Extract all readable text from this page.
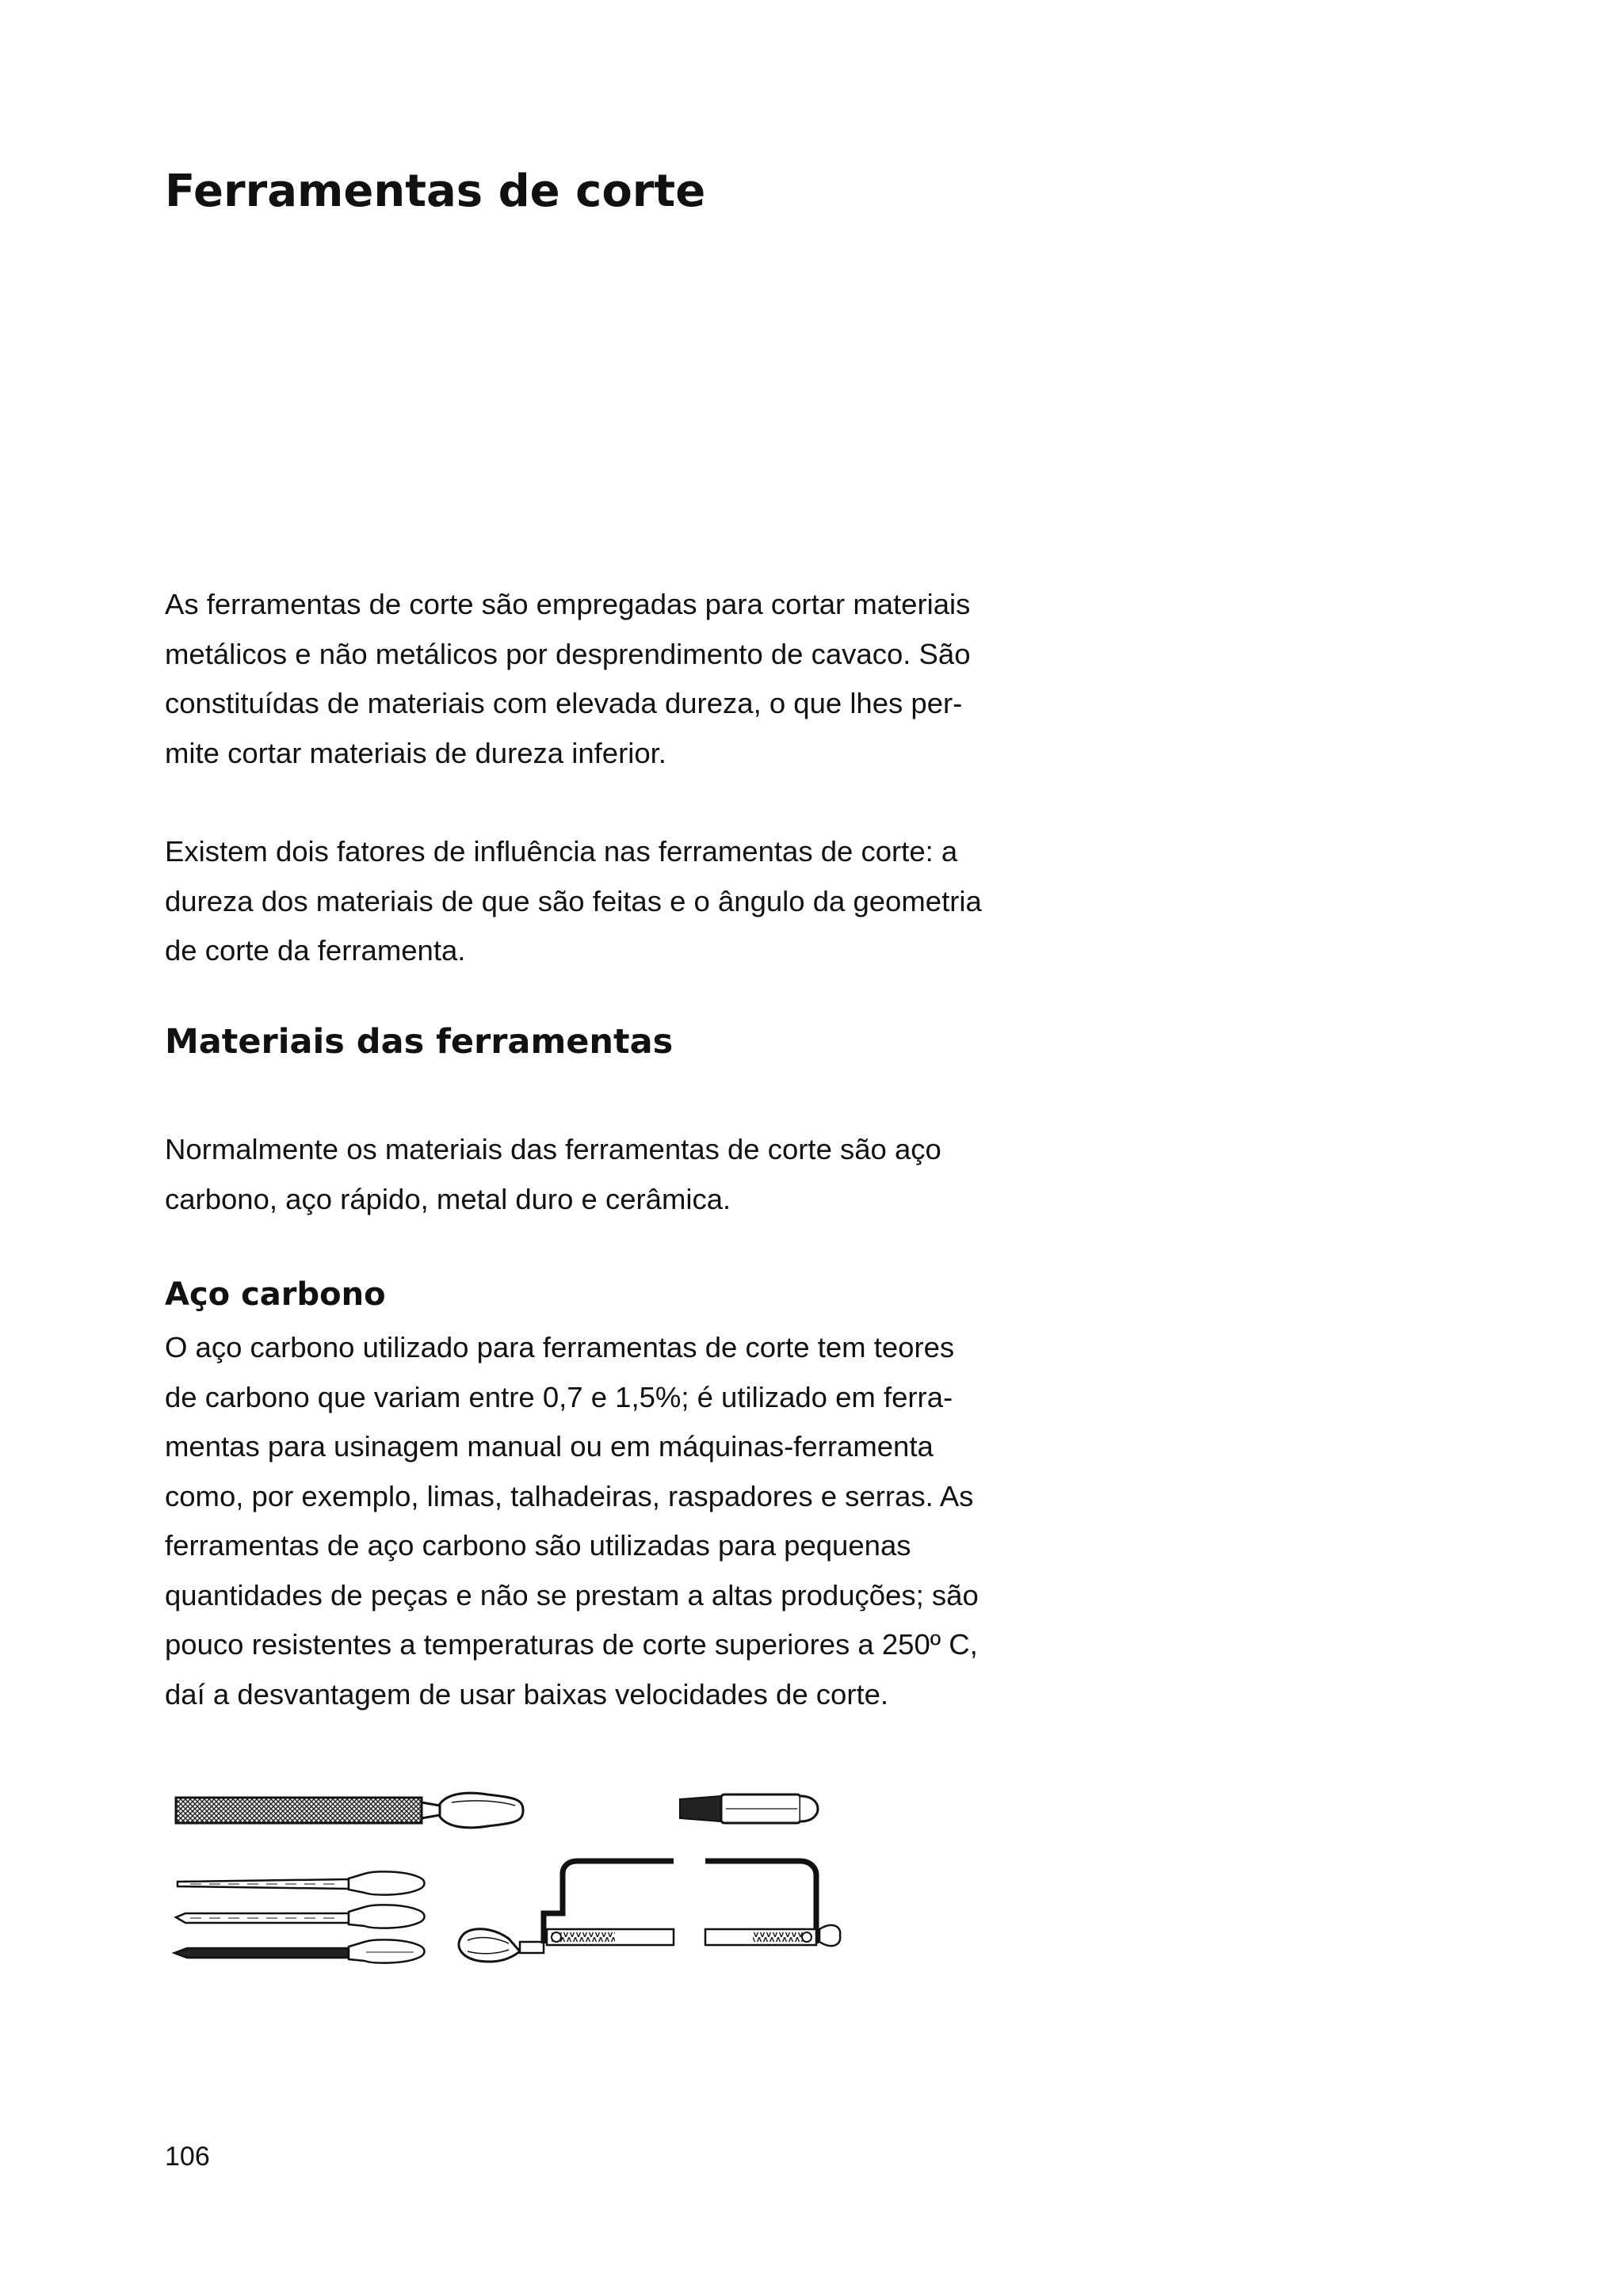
Ferramentas de corte

As ferramentas de corte são empregadas para cortar materiais
metálicos e não metálicos por desprendimento de cavaco. São
constituídas de materiais com elevada dureza, o que lhes per-
mite cortar materiais de dureza inferior.

Existem dois fatores de influência nas ferramentas de corte: a
dureza dos materiais de que são feitas e o ângulo da geometria
de corte da ferramenta.

Materiais das ferramentas

Normalmente os materiais das ferramentas de corte são aço
carbono, aço rápido, metal duro e cerâmica.

Aço carbono

O aço carbono utilizado para ferramentas de corte tem teores
de carbono que variam entre 0,7 e 1,5%; é utilizado em ferra-
mentas para usinagem manual ou em máquinas-ferramenta
como, por exemplo, limas, talhadeiras, raspadores e serras. As
ferramentas de aço carbono são utilizadas para pequenas
quantidades de peças e não se prestam a altas produções; são
pouco resistentes a temperaturas de corte superiores a 250º C,
daí a desvantagem de usar baixas velocidades de corte.

106
